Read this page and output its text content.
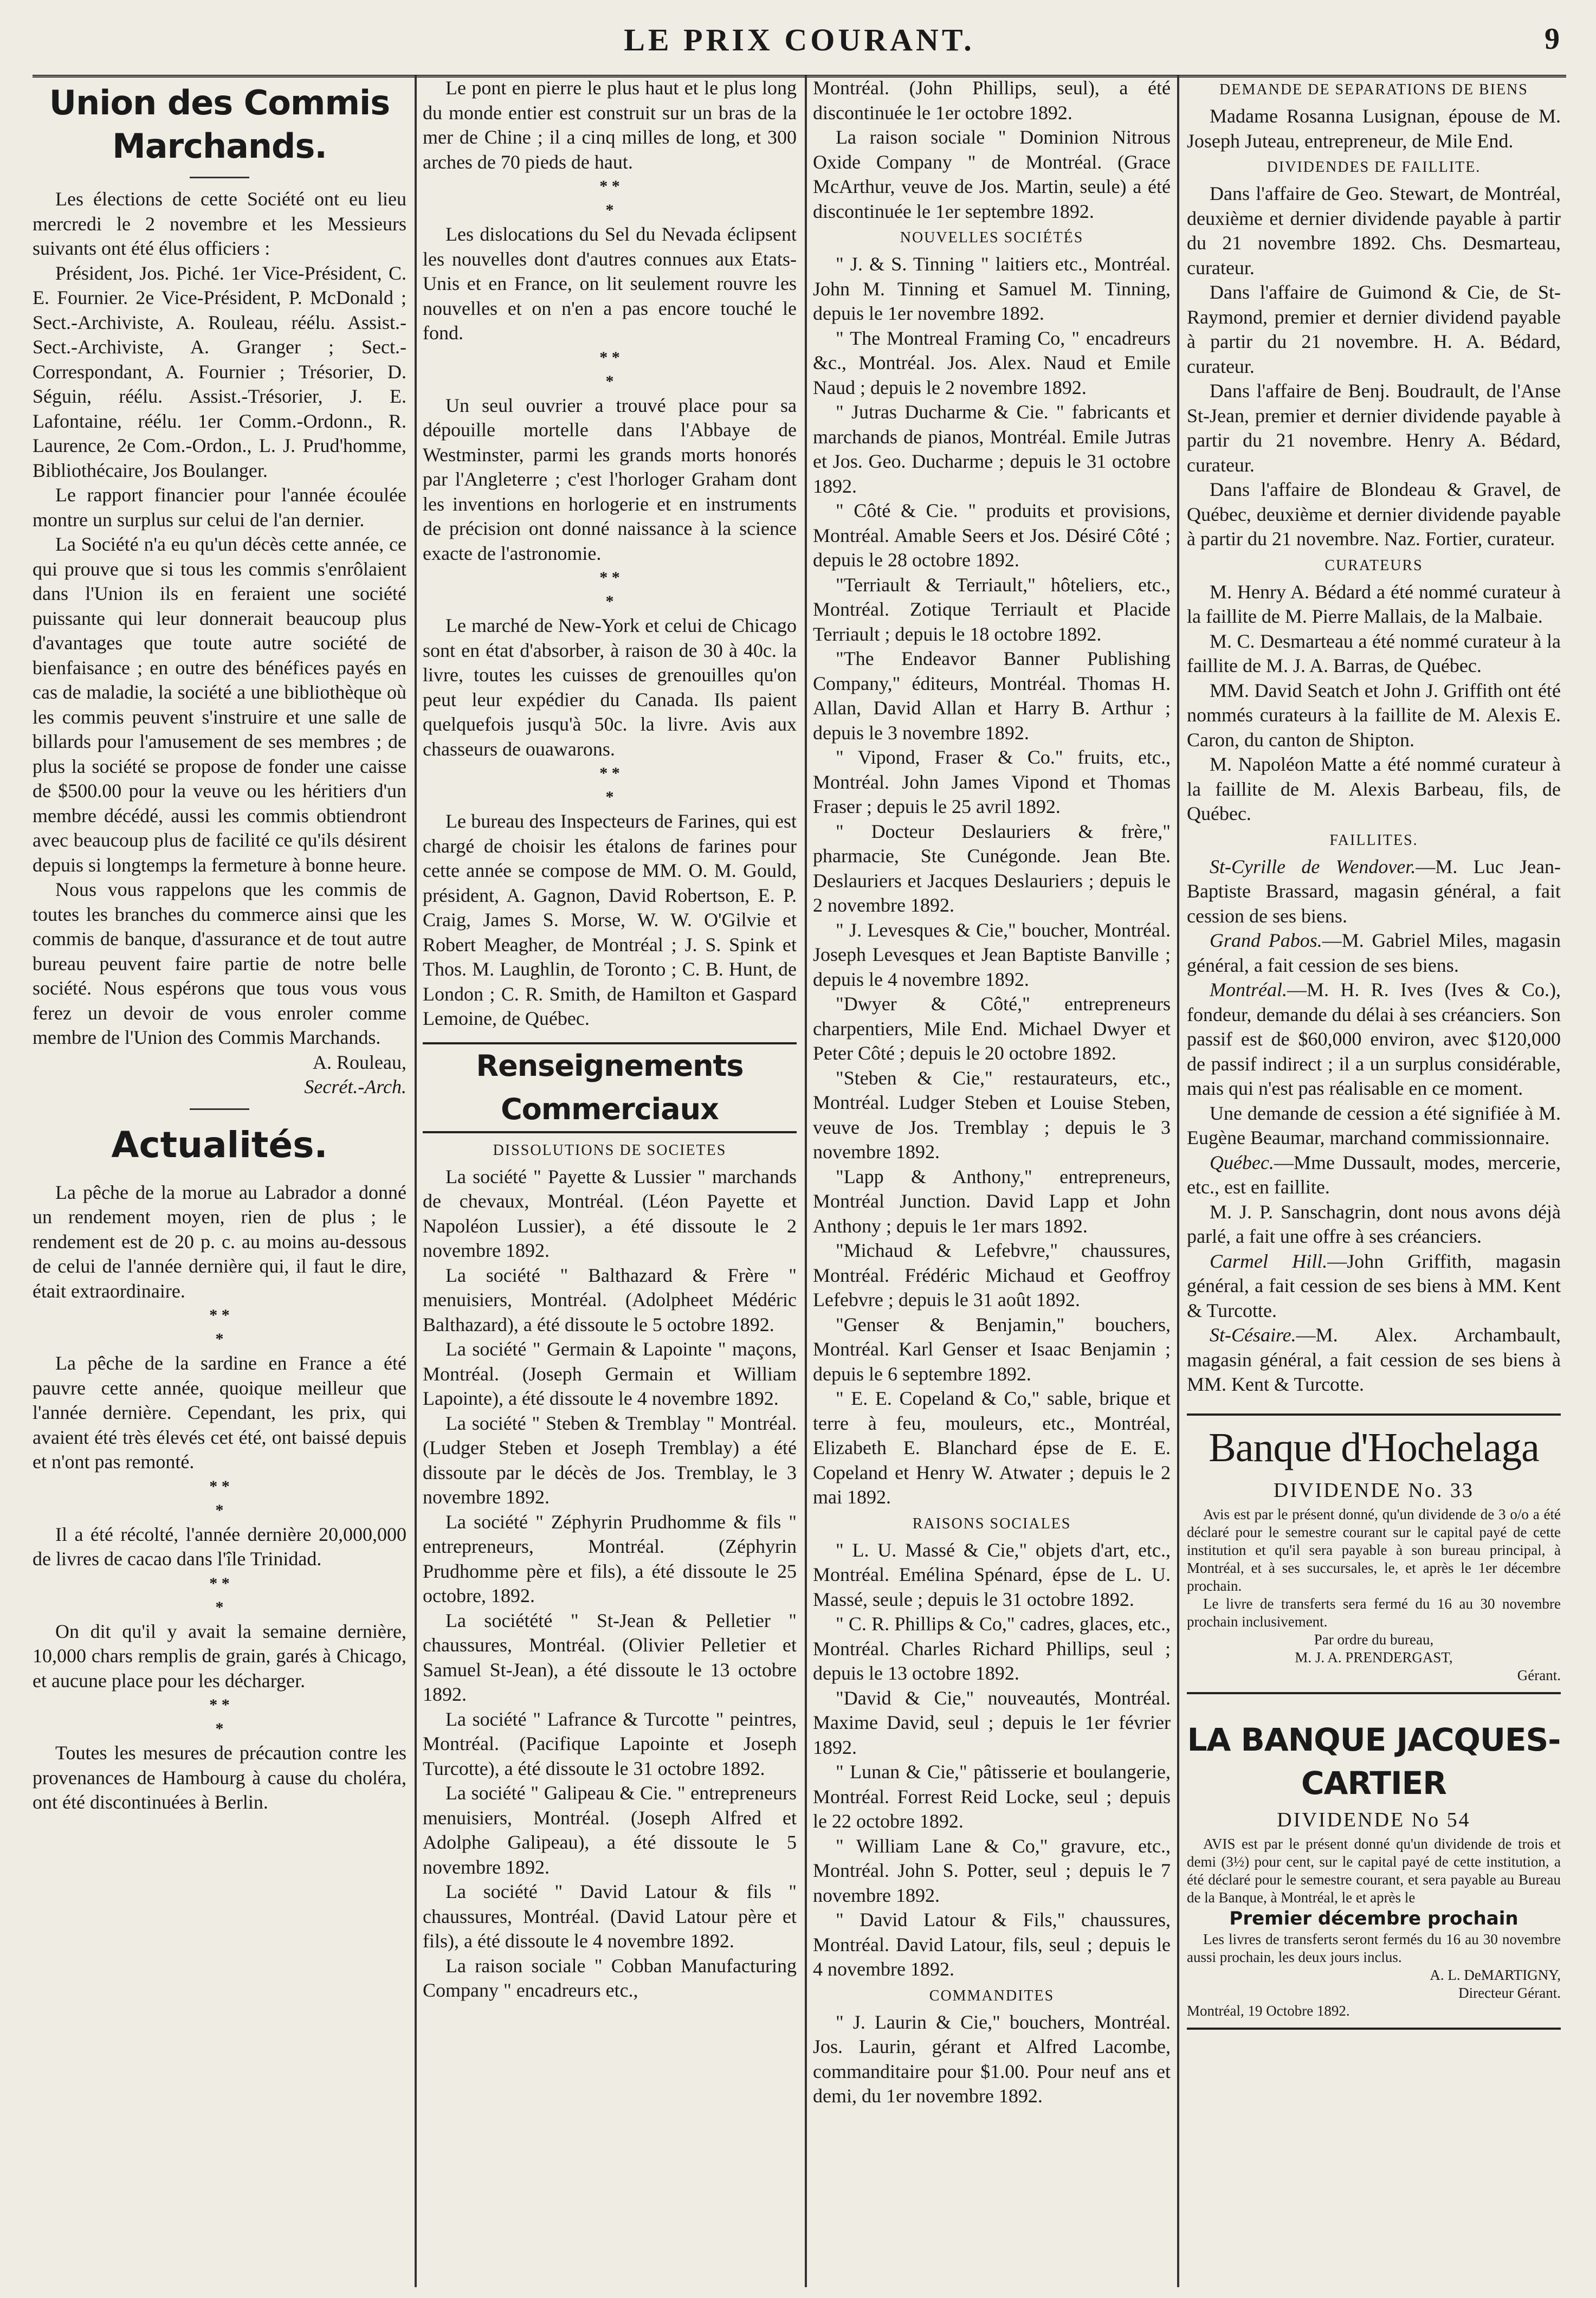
LE PRIX COURANT.	9
Union des Commis Marchands.

Les élections de cette Société ont eu lieu mercredi le 2 novembre et les Messieurs suivants ont été élus officiers :

Président, Jos. Piché. 1er Vice-Président, C. E. Fournier. 2e Vice-Président, P. McDonald ; Sect.-Archiviste, A. Rouleau, réélu. Assist.-Sect.-Archiviste, A. Granger ; Sect.-Correspondant, A. Fournier ; Trésorier, D. Séguin, réélu. Assist.-Trésorier, J. E. Lafontaine, réélu. 1er Comm.-Ordonn., R. Laurence, 2e Com.-Ordon., L. J. Prud'homme, Bibliothécaire, Jos Boulanger.

Le rapport financier pour l'année écoulée montre un surplus sur celui de l'an dernier.

La Société n'a eu qu'un décès cette année, ce qui prouve que si tous les commis s'enrôlaient dans l'Union ils en feraient une société puissante qui leur donnerait beaucoup plus d'avantages que toute autre société de bienfaisance ; en outre des bénéfices payés en cas de maladie, la société a une bibliothèque où les commis peuvent s'instruire et une salle de billards pour l'amusement de ses membres ; de plus la société se propose de fonder une caisse de $500.00 pour la veuve ou les héritiers d'un membre décédé, aussi les commis obtiendront avec beaucoup plus de facilité ce qu'ils désirent depuis si longtemps la fermeture à bonne heure.

Nous vous rappelons que les commis de toutes les branches du commerce ainsi que les commis de banque, d'assurance et de tout autre bureau peuvent faire partie de notre belle société. Nous espérons que tous vous vous ferez un devoir de vous enroler comme membre de l'Union des Commis Marchands.

A. Rouleau,

Secrét.-Arch.

Actualités.

La pêche de la morue au Labrador a donné un rendement moyen, rien de plus ; le rendement est de 20 p. c. au moins au-dessous de celui de l'année dernière qui, il faut le dire, était extraordinaire.

* *
*

La pêche de la sardine en France a été pauvre cette année, quoique meilleur que l'année dernière. Cependant, les prix, qui avaient été très élevés cet été, ont baissé depuis et n'ont pas remonté.

* *
*

Il a été récolté, l'année dernière 20,000,000 de livres de cacao dans l'île Trinidad.

* *
*

On dit qu'il y avait la semaine dernière, 10,000 chars remplis de grain, garés à Chicago, et aucune place pour les décharger.

* *
*

Toutes les mesures de précaution contre les provenances de Hambourg à cause du choléra, ont été discontinuées à Berlin.

Le pont en pierre le plus haut et le plus long du monde entier est construit sur un bras de la mer de Chine ; il a cinq milles de long, et 300 arches de 70 pieds de haut.

* *
*

Les dislocations du Sel du Nevada éclipsent les nouvelles dont d'autres connues aux Etats-Unis et en France, on lit seulement rouvre les nouvelles et on n'en a pas encore touché le fond.

* *
*

Un seul ouvrier a trouvé place pour sa dépouille mortelle dans l'Abbaye de Westminster, parmi les grands morts honorés par l'Angleterre ; c'est l'horloger Graham dont les inventions en horlogerie et en instruments de précision ont donné naissance à la science exacte de l'astronomie.

* *
*

Le marché de New-York et celui de Chicago sont en état d'absorber, à raison de 30 à 40c. la livre, toutes les cuisses de grenouilles qu'on peut leur expédier du Canada. Ils paient quelquefois jusqu'à 50c. la livre. Avis aux chasseurs de ouawarons.

* *
*

Le bureau des Inspecteurs de Farines, qui est chargé de choisir les étalons de farines pour cette année se compose de MM. O. M. Gould, président, A. Gagnon, David Robertson, E. P. Craig, James S. Morse, W. W. O'Gilvie et Robert Meagher, de Montréal ; J. S. Spink et Thos. M. Laughlin, de Toronto ; C. B. Hunt, de London ; C. R. Smith, de Hamilton et Gaspard Lemoine, de Québec.

Renseignements Commerciaux
DISSOLUTIONS DE SOCIETES

La société " Payette & Lussier " marchands de chevaux, Montréal. (Léon Payette et Napoléon Lussier), a été dissoute le 2 novembre 1892.

La société " Balthazard & Frère " menuisiers, Montréal. (Adolpheet Médéric Balthazard), a été dissoute le 5 octobre 1892.

La société " Germain & Lapointe " maçons, Montréal. (Joseph Germain et William Lapointe), a été dissoute le 4 novembre 1892.

La société " Steben & Tremblay " Montréal. (Ludger Steben et Joseph Tremblay) a été dissoute par le décès de Jos. Tremblay, le 3 novembre 1892.

La société " Zéphyrin Prudhomme & fils " entrepreneurs, Montréal. (Zéphyrin Prudhomme père et fils), a été dissoute le 25 octobre, 1892.

La sociétété " St-Jean & Pelletier " chaussures, Montréal. (Olivier Pelletier et Samuel St-Jean), a été dissoute le 13 octobre 1892.

La société " Lafrance & Turcotte " peintres, Montréal. (Pacifique Lapointe et Joseph Turcotte), a été dissoute le 31 octobre 1892.

La société " Galipeau & Cie. " entrepreneurs menuisiers, Montréal. (Joseph Alfred et Adolphe Galipeau), a été dissoute le 5 novembre 1892.

La société " David Latour & fils " chaussures, Montréal. (David Latour père et fils), a été dissoute le 4 novembre 1892.

La raison sociale " Cobban Manufacturing Company " encadreurs etc.,

Montréal. (John Phillips, seul), a été discontinuée le 1er octobre 1892.

La raison sociale " Dominion Nitrous Oxide Company " de Montréal. (Grace McArthur, veuve de Jos. Martin, seule) a été discontinuée le 1er septembre 1892.

NOUVELLES SOCIÉTÉS

" J. & S. Tinning " laitiers etc., Montréal. John M. Tinning et Samuel M. Tinning, depuis le 1er novembre 1892.

" The Montreal Framing Co, " encadreurs &c., Montréal. Jos. Alex. Naud et Emile Naud ; depuis le 2 novembre 1892.

" Jutras Ducharme & Cie. " fabricants et marchands de pianos, Montréal. Emile Jutras et Jos. Geo. Ducharme ; depuis le 31 octobre 1892.

" Côté & Cie. " produits et provisions, Montréal. Amable Seers et Jos. Désiré Côté ; depuis le 28 octobre 1892.

"Terriault & Terriault," hôteliers, etc., Montréal. Zotique Terriault et Placide Terriault ; depuis le 18 octobre 1892.

"The Endeavor Banner Publishing Company," éditeurs, Montréal. Thomas H. Allan, David Allan et Harry B. Arthur ; depuis le 3 novembre 1892.

" Vipond, Fraser & Co." fruits, etc., Montréal. John James Vipond et Thomas Fraser ; depuis le 25 avril 1892.

" Docteur Deslauriers & frère," pharmacie, Ste Cunégonde. Jean Bte. Deslauriers et Jacques Deslauriers ; depuis le 2 novembre 1892.

" J. Levesques & Cie," boucher, Montréal. Joseph Levesques et Jean Baptiste Banville ; depuis le 4 novembre 1892.

"Dwyer & Côté," entrepreneurs charpentiers, Mile End. Michael Dwyer et Peter Côté ; depuis le 20 octobre 1892.

"Steben & Cie," restaurateurs, etc., Montréal. Ludger Steben et Louise Steben, veuve de Jos. Tremblay ; depuis le 3 novembre 1892.

"Lapp & Anthony," entrepreneurs, Montréal Junction. David Lapp et John Anthony ; depuis le 1er mars 1892.

"Michaud & Lefebvre," chaussures, Montréal. Frédéric Michaud et Geoffroy Lefebvre ; depuis le 31 août 1892.

"Genser & Benjamin," bouchers, Montréal. Karl Genser et Isaac Benjamin ; depuis le 6 septembre 1892.

" E. E. Copeland & Co," sable, brique et terre à feu, mouleurs, etc., Montréal, Elizabeth E. Blanchard épse de E. E. Copeland et Henry W. Atwater ; depuis le 2 mai 1892.

RAISONS SOCIALES

" L. U. Massé & Cie," objets d'art, etc., Montréal. Emélina Spénard, épse de L. U. Massé, seule ; depuis le 31 octobre 1892.

" C. R. Phillips & Co," cadres, glaces, etc., Montréal. Charles Richard Phillips, seul ; depuis le 13 octobre 1892.

"David & Cie," nouveautés, Montréal. Maxime David, seul ; depuis le 1er février 1892.

" Lunan & Cie," pâtisserie et boulangerie, Montréal. Forrest Reid Locke, seul ; depuis le 22 octobre 1892.

" William Lane & Co," gravure, etc., Montréal. John S. Potter, seul ; depuis le 7 novembre 1892.

" David Latour & Fils," chaussures, Montréal. David Latour, fils, seul ; depuis le 4 novembre 1892.

COMMANDITES

" J. Laurin & Cie," bouchers, Montréal. Jos. Laurin, gérant et Alfred Lacombe, commanditaire pour $1.00. Pour neuf ans et demi, du 1er novembre 1892.

DEMANDE DE SEPARATIONS DE BIENS

Madame Rosanna Lusignan, épouse de M. Joseph Juteau, entrepreneur, de Mile End.

DIVIDENDES DE FAILLITE.

Dans l'affaire de Geo. Stewart, de Montréal, deuxième et dernier dividende payable à partir du 21 novembre 1892. Chs. Desmarteau, curateur.

Dans l'affaire de Guimond & Cie, de St-Raymond, premier et dernier dividend payable à partir du 21 novembre. H. A. Bédard, curateur.

Dans l'affaire de Benj. Boudrault, de l'Anse St-Jean, premier et dernier dividende payable à partir du 21 novembre. Henry A. Bédard, curateur.

Dans l'affaire de Blondeau & Gravel, de Québec, deuxième et dernier dividende payable à partir du 21 novembre. Naz. Fortier, curateur.

CURATEURS

M. Henry A. Bédard a été nommé curateur à la faillite de M. Pierre Mallais, de la Malbaie.

M. C. Desmarteau a été nommé curateur à la faillite de M. J. A. Barras, de Québec.

MM. David Seatch et John J. Griffith ont été nommés curateurs à la faillite de M. Alexis E. Caron, du canton de Shipton.

M. Napoléon Matte a été nommé curateur à la faillite de M. Alexis Barbeau, fils, de Québec.

FAILLITES.

St-Cyrille de Wendover.—M. Luc Jean-Baptiste Brassard, magasin général, a fait cession de ses biens.

Grand Pabos.—M. Gabriel Miles, magasin général, a fait cession de ses biens.

Montréal.—M. H. R. Ives (Ives & Co.), fondeur, demande du délai à ses créanciers. Son passif est de $60,000 environ, avec $120,000 de passif indirect ; il a un surplus considérable, mais qui n'est pas réalisable en ce moment.

Une demande de cession a été signifiée à M. Eugène Beaumar, marchand commissionnaire.

Québec.—Mme Dussault, modes, mercerie, etc., est en faillite.

M. J. P. Sanschagrin, dont nous avons déjà parlé, a fait une offre à ses créanciers.

Carmel Hill.—John Griffith, magasin général, a fait cession de ses biens à MM. Kent & Turcotte.

St-Césaire.—M. Alex. Archambault, magasin général, a fait cession de ses biens à MM. Kent & Turcotte.

Banque d'Hochelaga
DIVIDENDE No. 33

Avis est par le présent donné, qu'un dividende de 3 o/o a été déclaré pour le semestre courant sur le capital payé de cette institution et qu'il sera payable à son bureau principal, à Montréal, et à ses succursales, le, et après le 1er décembre prochain.

Le livre de transferts sera fermé du 16 au 30 novembre prochain inclusivement.

Par ordre du bureau,

M. J. A. PRENDERGAST,

Gérant.

LA BANQUE JACQUES-CARTIER
DIVIDENDE No 54

AVIS est par le présent donné qu'un dividende de trois et demi (3½) pour cent, sur le capital payé de cette institution, a été déclaré pour le semestre courant, et sera payable au Bureau de la Banque, à Montréal, le et après le

Premier décembre prochain

Les livres de transferts seront fermés du 16 au 30 novembre aussi prochain, les deux jours inclus.

A. L. DeMARTIGNY,

Directeur Gérant.

Montréal, 19 Octobre 1892.
